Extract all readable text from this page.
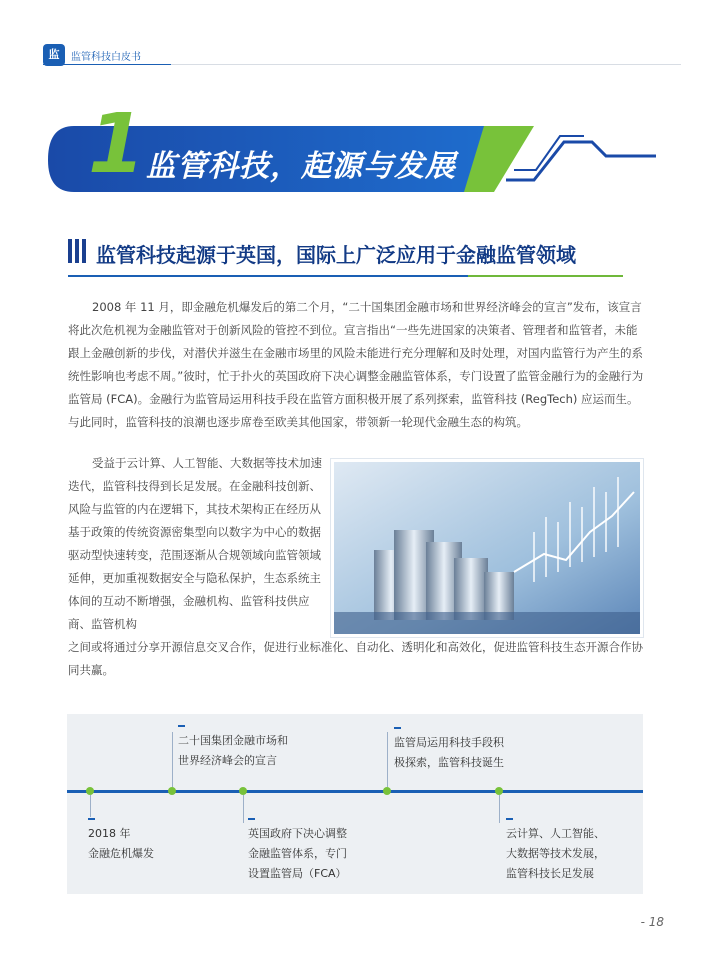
监	监管科技白皮书
1 监管科技，起源与发展
监管科技起源于英国，国际上广泛应用于金融监管领域
2008 年 11 月，即金融危机爆发后的第二个月，“二十国集团金融市场和世界经济峰会的宣言”发布，该宣言将此次危机视为金融监管对于创新风险的管控不到位。宣言指出“一些先进国家的决策者、管理者和监管者，未能跟上金融创新的步伐，对潜伏并滋生在金融市场里的风险未能进行充分理解和及时处理，对国内监管行为产生的系统性影响也考虑不周。”彼时，忙于扑火的英国政府下决心调整金融监管体系，专门设置了监管金融行为的金融行为监管局 (FCA)。金融行为监管局运用科技手段在监管方面积极开展了系列探索，监管科技 (RegTech) 应运而生。与此同时，监管科技的浪潮也逐步席卷至欧美其他国家，带领新一轮现代金融生态的构筑。
受益于云计算、人工智能、大数据等技术加速迭代，监管科技得到长足发展。在金融科技创新、风险与监管的内在逻辑下，其技术架构正在经历从基于政策的传统资源密集型向以数字为中心的数据驱动型快速转变，范围逐渐从合规领域向监管领域延伸，更加重视数据安全与隐私保护，生态系统主体间的互动不断增强，金融机构、监管科技供应商、监管机构
之间或将通过分享开源信息交叉合作，促进行业标准化、自动化、透明化和高效化，促进监管科技生态开源合作协同共赢。
2018 年
金融危机爆发
二十国集团金融市场和
世界经济峰会的宣言
英国政府下决心调整
金融监管体系，专门
设置监管局（FCA）
监管局运用科技手段积
极探索，监管科技诞生
云计算、人工智能、
大数据等技术发展，
监管科技长足发展
- 18
